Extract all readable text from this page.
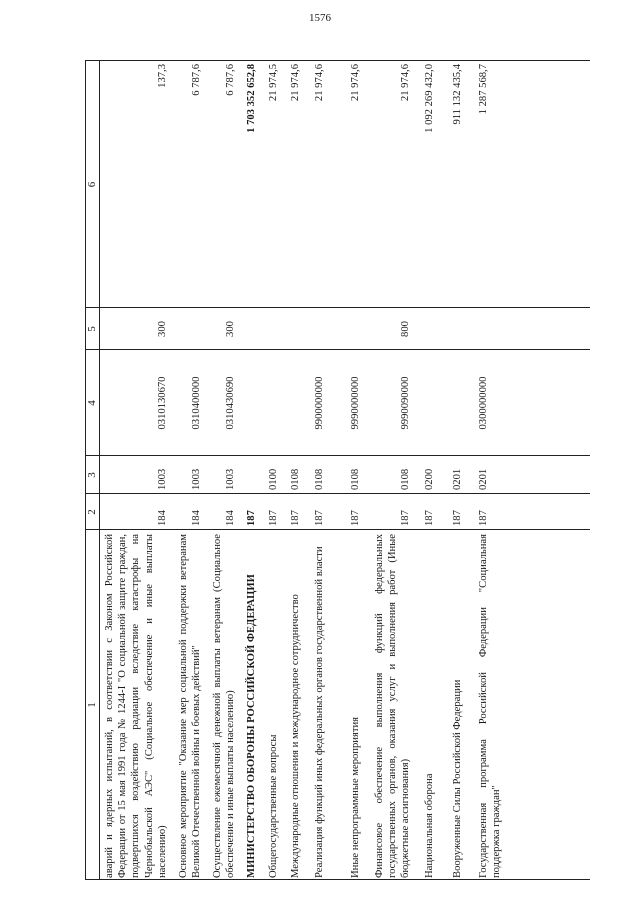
1576
1
2
3
4
5
6
аварий и ядерных испытаний, в соответствии с Законом Российской Федерации от 15 мая 1991 года № 1244-I "О социальной защите граждан, подвергшихся воздействию радиации вследствие катастрофы на Чернобыльской АЭС" (Социальное обеспечение и иные выплаты населению)
184
1003
0310130670
300
137,3
Основное мероприятие "Оказание мер социальной поддержки ветеранам Великой Отечественной войны и боевых действий"
184
1003
0310400000
6 787,6
Осуществление ежемесячной денежной выплаты ветеранам (Социальное обеспечение и иные выплаты населению)
184
1003
0310430690
300
6 787,6
МИНИСТЕРСТВО ОБОРОНЫ РОССИЙСКОЙ ФЕДЕРАЦИИ
187
1 703 352 652,8
Общегосударственные вопросы
187
0100
21 974,5
Международные отношения и международное сотрудничество
187
0108
21 974,6
Реализация функций иных федеральных органов государственной власти
187
0108
9900000000
21 974,6
Иные непрограммные мероприятия
187
0108
9990000000
21 974,6
Финансовое обеспечение выполнения функций федеральных государственных органов, оказания услуг и выполнения работ (Иные бюджетные ассигнования)
187
0108
9990090000
800
21 974,6
Национальная оборона
187
0200
1 092 269 432,0
Вооруженные Силы Российской Федерации
187
0201
911 132 435,4
Государственная программа Российской Федерации "Социальная поддержка граждан"
187
0201
0300000000
1 287 568,7
